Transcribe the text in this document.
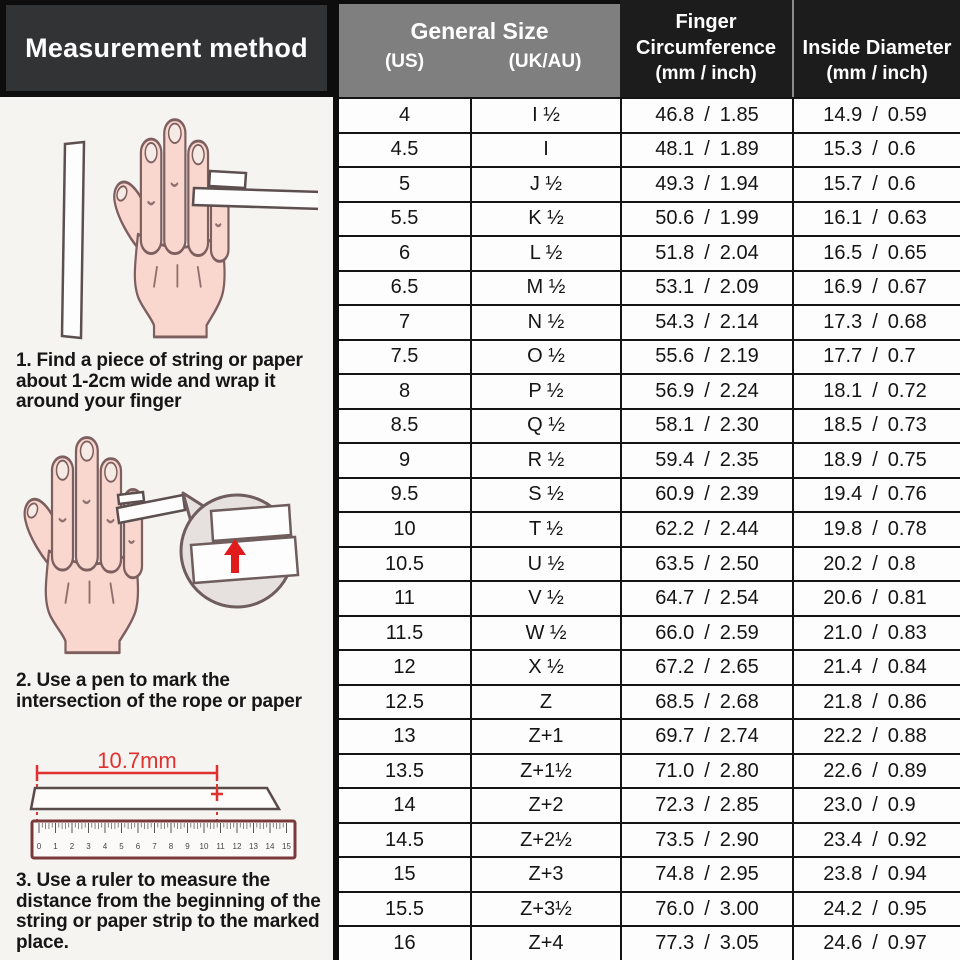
Measurement method
1. Find a piece of string or paper about 1-2cm wide and wrap it around your finger
2. Use a pen to mark the intersection of the rope or paper
10.7mm
0 1 2 3 4 5 6 7 8 9 10 11 12 13 14 15
3. Use a ruler to measure the distance from the beginning of the string or paper strip to the marked place.
General Size
(US)	(UK/AU)
Finger
Circumference
(mm / inch)
Inside Diameter
(mm / inch)
4	I ½	46.8 / 1.85	14.9 / 0.59
4.5	I	48.1 / 1.89	15.3 / 0.6
5	J ½	49.3 / 1.94	15.7 / 0.6
5.5	K ½	50.6 / 1.99	16.1 / 0.63
6	L ½	51.8 / 2.04	16.5 / 0.65
6.5	M ½	53.1 / 2.09	16.9 / 0.67
7	N ½	54.3 / 2.14	17.3 / 0.68
7.5	O ½	55.6 / 2.19	17.7 / 0.7
8	P ½	56.9 / 2.24	18.1 / 0.72
8.5	Q ½	58.1 / 2.30	18.5 / 0.73
9	R ½	59.4 / 2.35	18.9 / 0.75
9.5	S ½	60.9 / 2.39	19.4 / 0.76
10	T ½	62.2 / 2.44	19.8 / 0.78
10.5	U ½	63.5 / 2.50	20.2 / 0.8
11	V ½	64.7 / 2.54	20.6 / 0.81
11.5	W ½	66.0 / 2.59	21.0 / 0.83
12	X ½	67.2 / 2.65	21.4 / 0.84
12.5	Z	68.5 / 2.68	21.8 / 0.86
13	Z+1	69.7 / 2.74	22.2 / 0.88
13.5	Z+1½	71.0 / 2.80	22.6 / 0.89
14	Z+2	72.3 / 2.85	23.0 / 0.9
14.5	Z+2½	73.5 / 2.90	23.4 / 0.92
15	Z+3	74.8 / 2.95	23.8 / 0.94
15.5	Z+3½	76.0 / 3.00	24.2 / 0.95
16	Z+4	77.3 / 3.05	24.6 / 0.97
